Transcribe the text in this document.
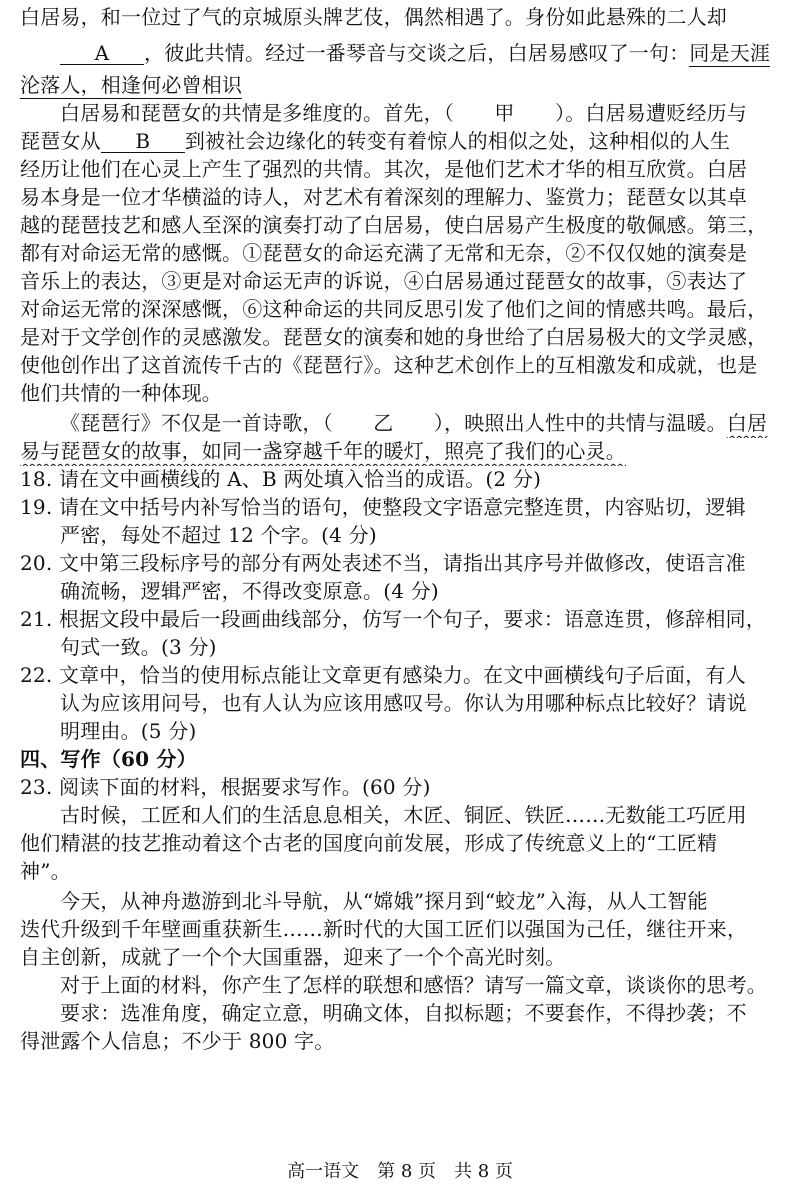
白居易，和一位过了气的京城原头牌艺伎，偶然相遇了。身份如此悬殊的二人却
A ，彼此共情。经过一番琴音与交谈之后，白居易感叹了一句：同是天涯
沦落人，相逢何必曾相识
白居易和琵琶女的共情是多维度的。首先，（　　甲　　）。白居易遭贬经历与
琵琶女从 B 到被社会边缘化的转变有着惊人的相似之处，这种相似的人生
经历让他们在心灵上产生了强烈的共情。其次，是他们艺术才华的相互欣赏。白居
易本身是一位才华横溢的诗人，对艺术有着深刻的理解力、鉴赏力；琵琶女以其卓
越的琵琶技艺和感人至深的演奏打动了白居易，使白居易产生极度的敬佩感。第三，
都有对命运无常的感慨。①琵琶女的命运充满了无常和无奈，②不仅仅她的演奏是
音乐上的表达，③更是对命运无声的诉说，④白居易通过琵琶女的故事，⑤表达了
对命运无常的深深感慨，⑥这种命运的共同反思引发了他们之间的情感共鸣。最后，
是对于文学创作的灵感激发。琵琶女的演奏和她的身世给了白居易极大的文学灵感，
使他创作出了这首流传千古的《琵琶行》。这种艺术创作上的互相激发和成就，也是
他们共情的一种体现。
《琵琶行》不仅是一首诗歌，（　　乙　　），映照出人性中的共情与温暖。白居
易与琵琶女的故事，如同一盏穿越千年的暖灯，照亮了我们的心灵。
18. 请在文中画横线的 A、B 两处填入恰当的成语。(2 分)
19. 请在文中括号内补写恰当的语句，使整段文字语意完整连贯，内容贴切，逻辑
严密，每处不超过 12 个字。(4 分)
20. 文中第三段标序号的部分有两处表述不当，请指出其序号并做修改，使语言准
确流畅，逻辑严密，不得改变原意。(4 分)
21. 根据文段中最后一段画曲线部分，仿写一个句子，要求：语意连贯，修辞相同，
句式一致。(3 分)
22. 文章中，恰当的使用标点能让文章更有感染力。在文中画横线句子后面，有人
认为应该用问号，也有人认为应该用感叹号。你认为用哪种标点比较好？请说
明理由。(5 分)
四、写作（60 分）
23. 阅读下面的材料，根据要求写作。(60 分)
古时候，工匠和人们的生活息息相关，木匠、铜匠、铁匠……无数能工巧匠用
他们精湛的技艺推动着这个古老的国度向前发展，形成了传统意义上的“工匠精
神”。
今天，从神舟遨游到北斗导航，从“嫦娥”探月到“蛟龙”入海，从人工智能
迭代升级到千年壁画重获新生……新时代的大国工匠们以强国为己任，继往开来，
自主创新，成就了一个个大国重器，迎来了一个个高光时刻。
对于上面的材料，你产生了怎样的联想和感悟？请写一篇文章，谈谈你的思考。
要求：选准角度，确定立意，明确文体，自拟标题；不要套作，不得抄袭；不
得泄露个人信息；不少于 800 字。
高一语文　第 8 页　共 8 页
